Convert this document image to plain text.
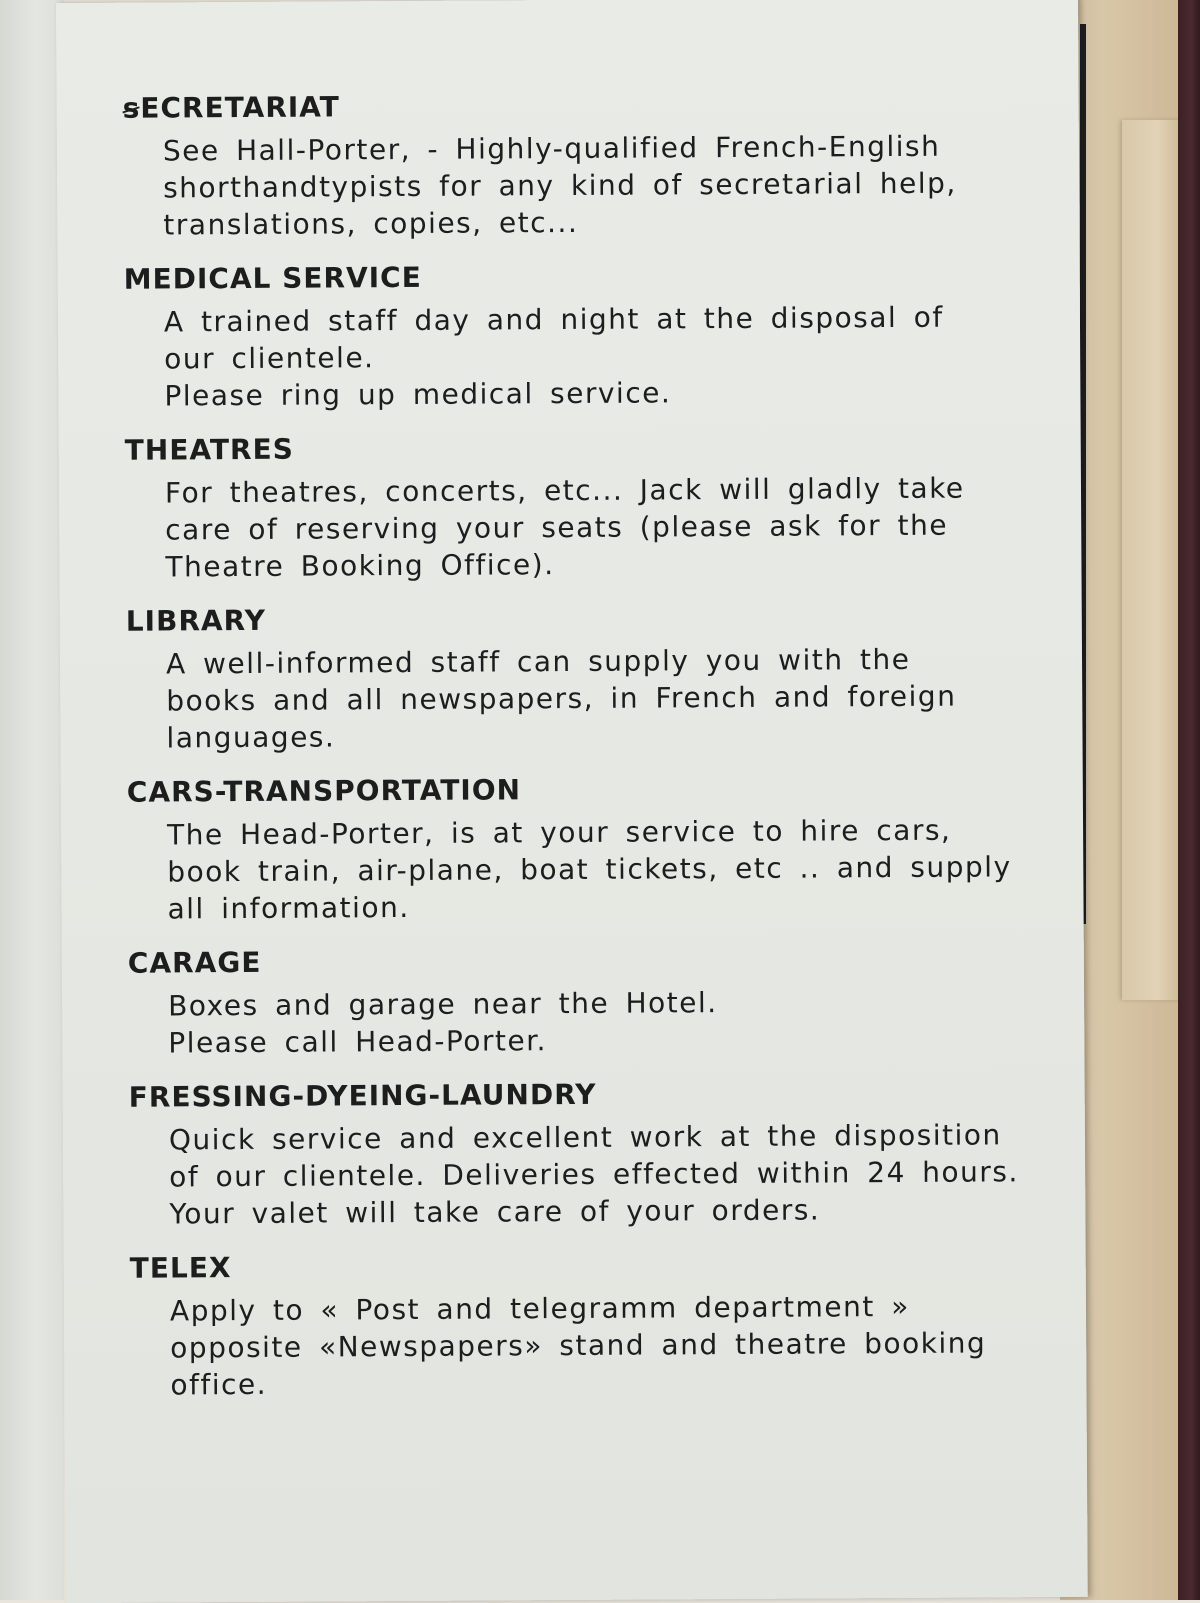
ꞩECRETARIAT
See Hall-Porter, - Highly-qualified French-English
shorthandtypists for any kind of secretarial help,
translations, copies, etc...
MEDICAL SERVICE
A trained staff day and night at the disposal of
our clientele.
Please ring up medical service.
THEATRES
For theatres, concerts, etc... Jack will gladly take
care of reserving your seats (please ask for the
Theatre Booking Office).
LIBRARY
A well-informed staff can supply you with the
books and all newspapers, in French and foreign
languages.
CARS-TRANSPORTATION
The Head-Porter, is at your service to hire cars,
book train, air-plane, boat tickets, etc .. and supply
all information.
CARAGE
Boxes and garage near the Hotel.
Please call Head-Porter.
FRESSING-DYEING-LAUNDRY
Quick service and excellent work at the disposition
of our clientele. Deliveries effected within 24 hours.
Your valet will take care of your orders.
TELEX
Apply to « Post and telegramm department »
opposite «Newspapers» stand and theatre booking
office.
